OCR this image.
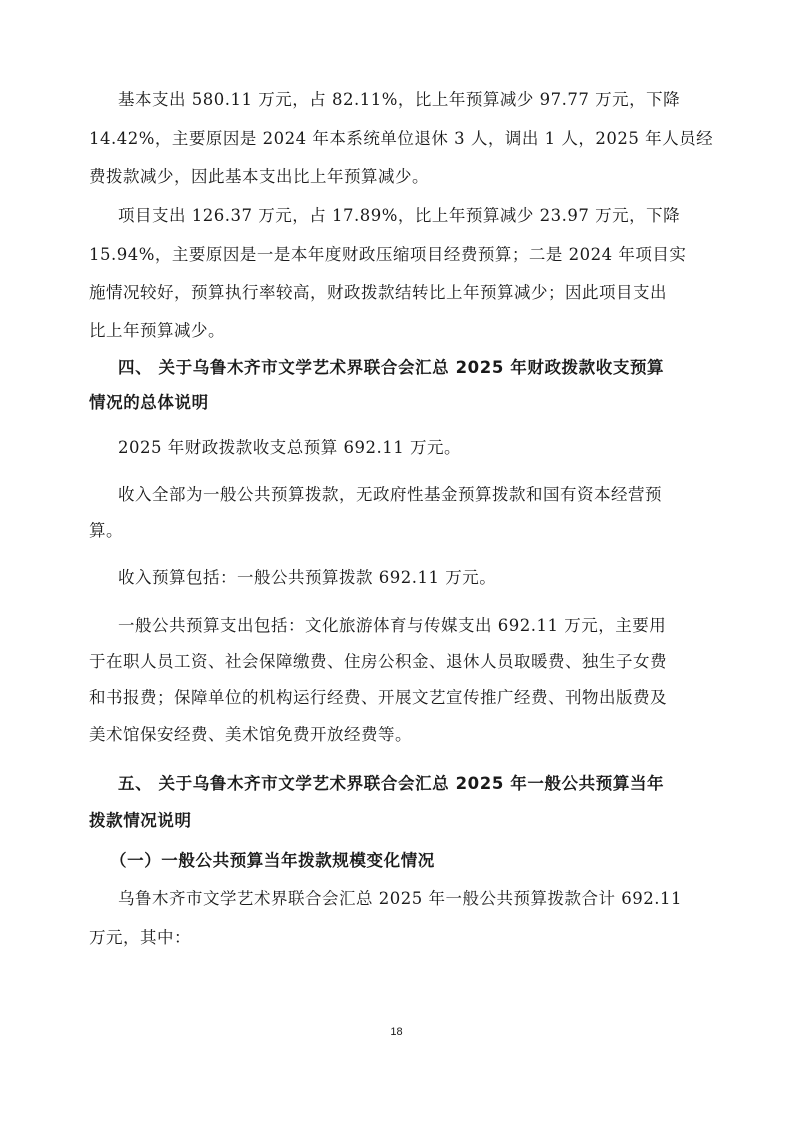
基本支出 580.11 万元，占 82.11%，比上年预算减少 97.77 万元，下降
14.42%，主要原因是 2024 年本系统单位退休 3 人，调出 1 人，2025 年人员经
费拨款减少，因此基本支出比上年预算减少。
项目支出 126.37 万元，占 17.89%，比上年预算减少 23.97 万元，下降
15.94%，主要原因是一是本年度财政压缩项目经费预算；二是 2024 年项目实
施情况较好，预算执行率较高，财政拨款结转比上年预算减少；因此项目支出
比上年预算减少。
四、 关于乌鲁木齐市文学艺术界联合会汇总 2025 年财政拨款收支预算
情况的总体说明
2025 年财政拨款收支总预算 692.11 万元。
收入全部为一般公共预算拨款，无政府性基金预算拨款和国有资本经营预
算。
收入预算包括：一般公共预算拨款 692.11 万元。
一般公共预算支出包括：文化旅游体育与传媒支出 692.11 万元，主要用
于在职人员工资、社会保障缴费、住房公积金、退休人员取暖费、独生子女费
和书报费；保障单位的机构运行经费、开展文艺宣传推广经费、刊物出版费及
美术馆保安经费、美术馆免费开放经费等。
五、 关于乌鲁木齐市文学艺术界联合会汇总 2025 年一般公共预算当年
拨款情况说明
（一）一般公共预算当年拨款规模变化情况
乌鲁木齐市文学艺术界联合会汇总 2025 年一般公共预算拨款合计 692.11
万元，其中：
18
